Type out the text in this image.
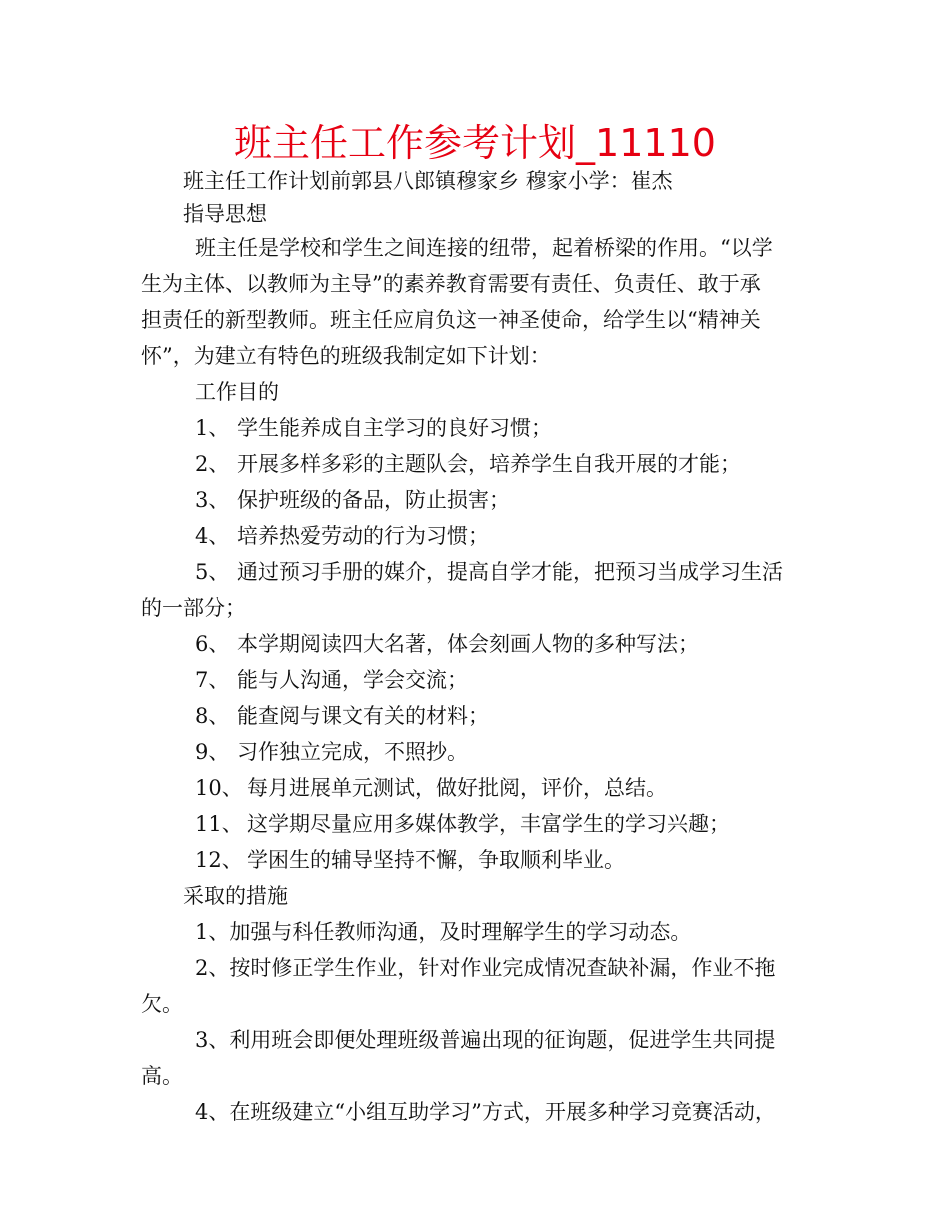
班主任工作参考计划_11110
班主任工作计划前郭县八郎镇穆家乡 穆家小学：崔杰
指导思想
班主任是学校和学生之间连接的纽带，起着桥梁的作用。“以学
生为主体、以教师为主导”的素养教育需要有责任、负责任、敢于承
担责任的新型教师。班主任应肩负这一神圣使命，给学生以“精神关
怀”，为建立有特色的班级我制定如下计划：
工作目的
1、 学生能养成自主学习的良好习惯；
2、 开展多样多彩的主题队会，培养学生自我开展的才能；
3、 保护班级的备品，防止损害；
4、 培养热爱劳动的行为习惯；
5、 通过预习手册的媒介，提高自学才能，把预习当成学习生活
的一部分；
6、 本学期阅读四大名著，体会刻画人物的多种写法；
7、 能与人沟通，学会交流；
8、 能查阅与课文有关的材料；
9、 习作独立完成，不照抄。
10、 每月进展单元测试，做好批阅，评价，总结。
11、 这学期尽量应用多媒体教学，丰富学生的学习兴趣；
12、 学困生的辅导坚持不懈，争取顺利毕业。
采取的措施
1、加强与科任教师沟通，及时理解学生的学习动态。
2、按时修正学生作业，针对作业完成情况查缺补漏，作业不拖
欠。
3、利用班会即便处理班级普遍出现的征询题，促进学生共同提
高。
4、在班级建立“小组互助学习”方式，开展多种学习竞赛活动，
